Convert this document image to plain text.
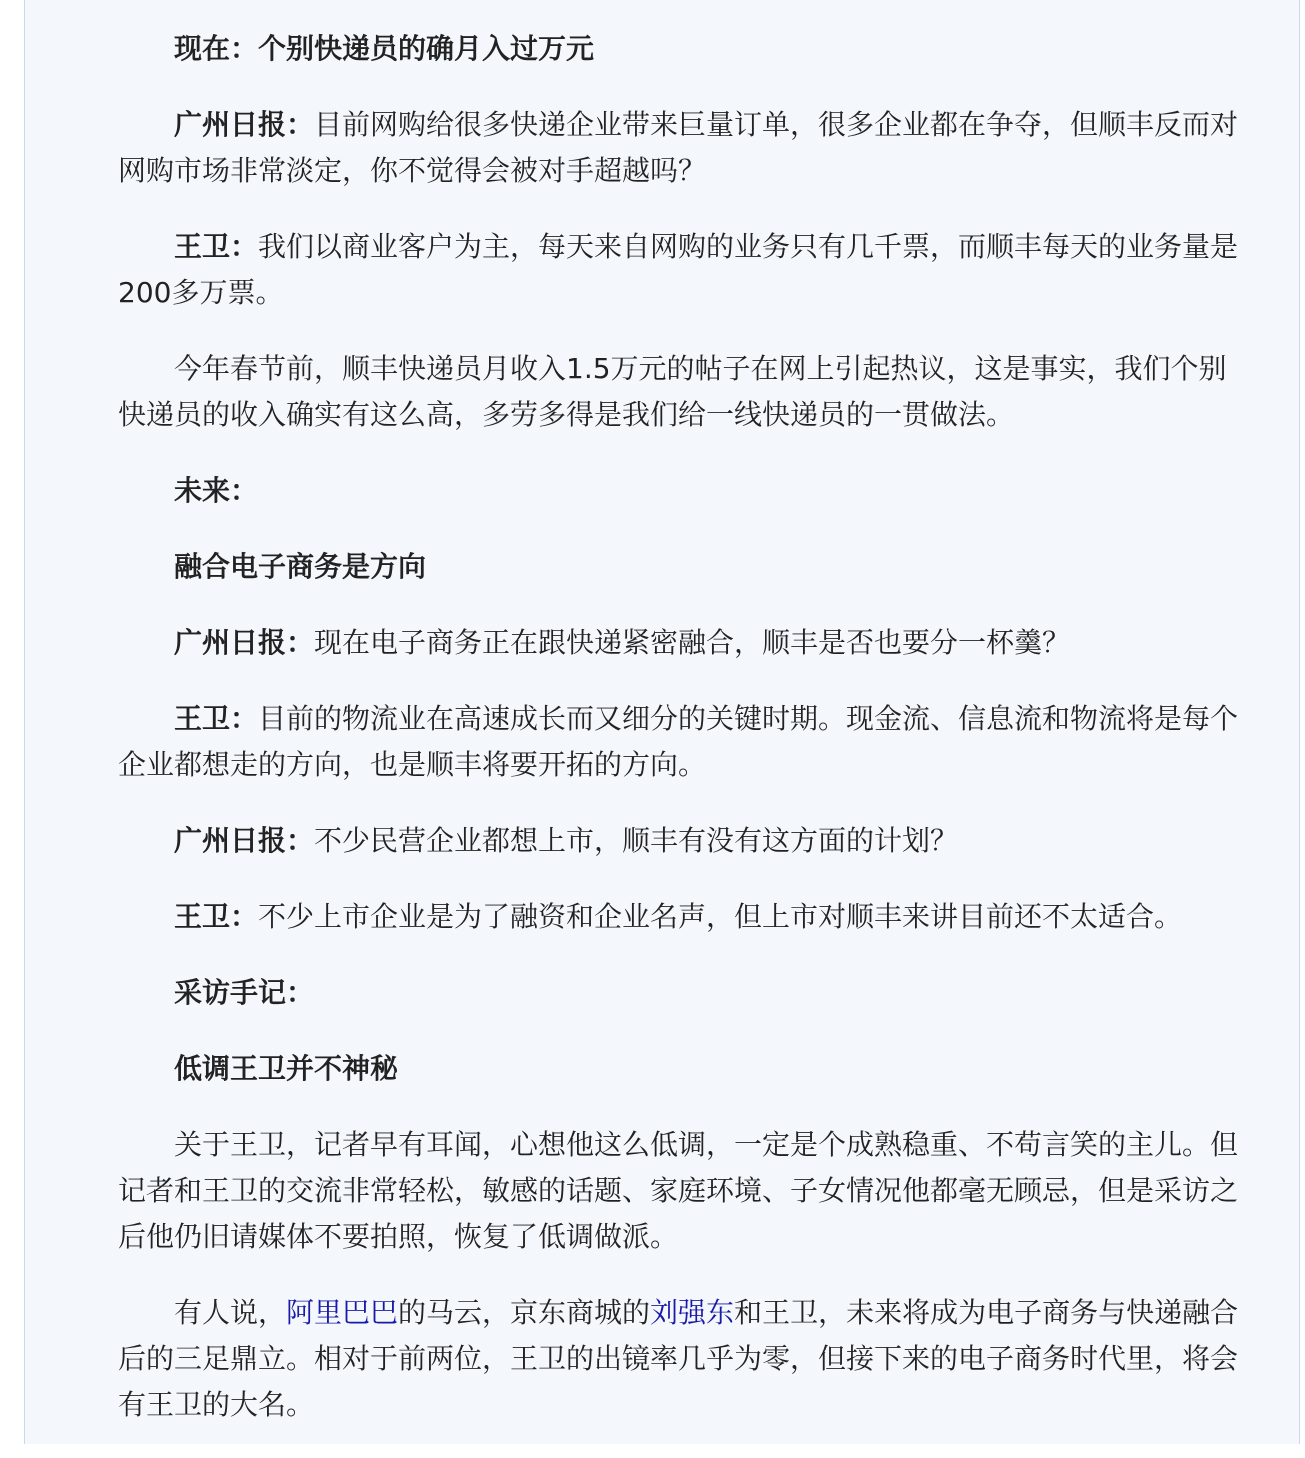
现在：个别快递员的确月入过万元

广州日报：目前网购给很多快递企业带来巨量订单，很多企业都在争夺，但顺丰反而对网购市场非常淡定，你不觉得会被对手超越吗？

王卫：我们以商业客户为主，每天来自网购的业务只有几千票，而顺丰每天的业务量是200多万票。

今年春节前，顺丰快递员月收入1.5万元的帖子在网上引起热议，这是事实，我们个别快递员的收入确实有这么高，多劳多得是我们给一线快递员的一贯做法。

未来：

融合电子商务是方向

广州日报：现在电子商务正在跟快递紧密融合，顺丰是否也要分一杯羹？

王卫：目前的物流业在高速成长而又细分的关键时期。现金流、信息流和物流将是每个企业都想走的方向，也是顺丰将要开拓的方向。

广州日报：不少民营企业都想上市，顺丰有没有这方面的计划？

王卫：不少上市企业是为了融资和企业名声，但上市对顺丰来讲目前还不太适合。

采访手记：

低调王卫并不神秘

关于王卫，记者早有耳闻，心想他这么低调，一定是个成熟稳重、不苟言笑的主儿。但记者和王卫的交流非常轻松，敏感的话题、家庭环境、子女情况他都毫无顾忌，但是采访之后他仍旧请媒体不要拍照，恢复了低调做派。

有人说，阿里巴巴的马云，京东商城的刘强东和王卫，未来将成为电子商务与快递融合后的三足鼎立。相对于前两位，王卫的出镜率几乎为零，但接下来的电子商务时代里，将会有王卫的大名。
